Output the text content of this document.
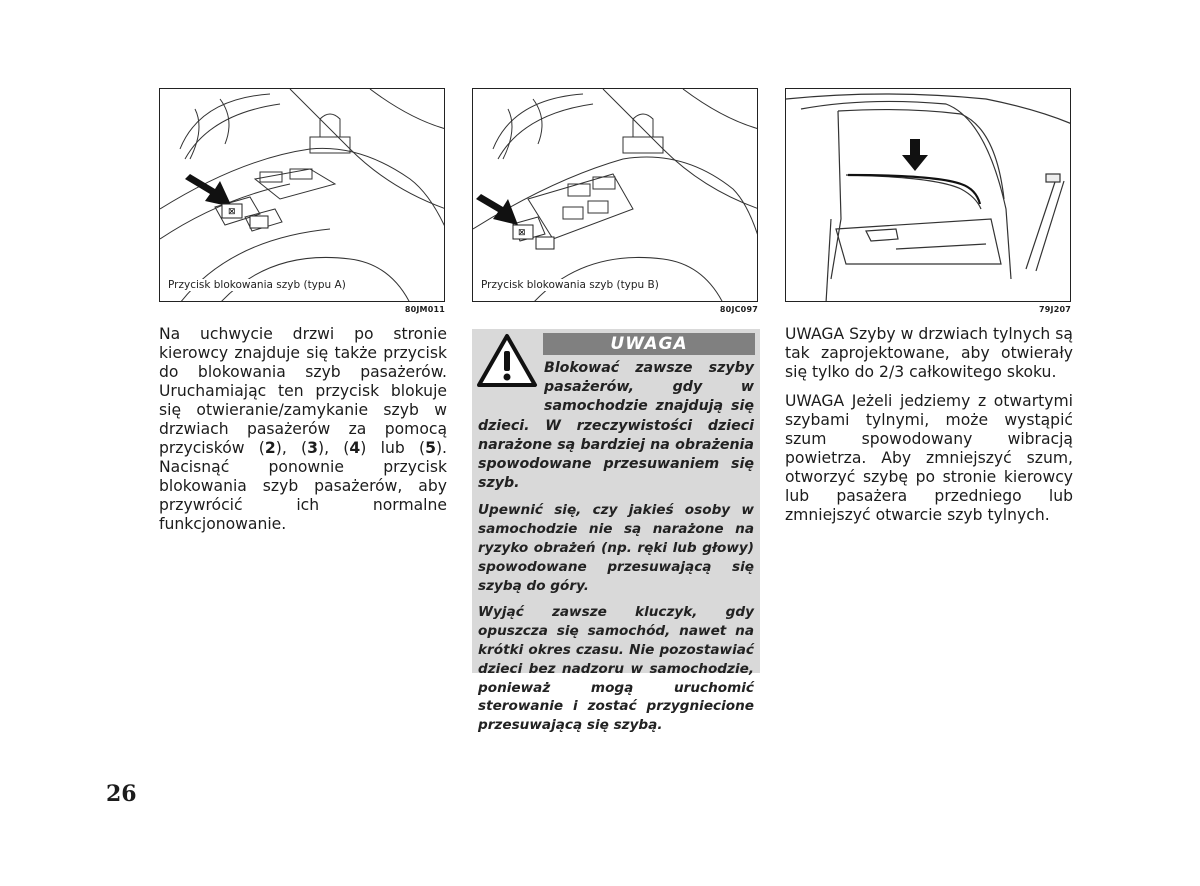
⊠
Przycisk blokowania szyb (typu A)
80JM011
⊠
Przycisk blokowania szyb (typu B)
80JC097	79J207

Na uchwycie drzwi po stronie kierowcy znajduje się także przycisk do blokowania szyb pasażerów. Uruchamiając ten przycisk blokuje się otwieranie/zamykanie szyb w drzwiach pasażerów za pomocą przycisków (2), (3), (4) lub (5). Nacisnąć ponownie przycisk blokowania szyb pasażerów, aby przywrócić ich normalne funkcjonowanie.

UWAGA

Blokować zawsze szyby pasażerów, gdy w samochodzie znajdują się dzieci. W rzeczywistości dzieci narażone są bardziej na obrażenia spowodowane przesuwaniem się szyb.

Upewnić się, czy jakieś osoby w samochodzie nie są narażone na ryzyko obrażeń (np. ręki lub głowy) spowodowane przesuwającą się szybą do góry.

Wyjąć zawsze kluczyk, gdy opuszcza się samochód, nawet na krótki okres czasu. Nie pozostawiać dzieci bez nadzoru w samochodzie, ponieważ mogą uruchomić sterowanie i zostać przygniecione przesuwającą się szybą.

UWAGA Szyby w drzwiach tylnych są tak zaprojektowane, aby otwierały się tylko do 2/3 całkowitego skoku.

UWAGA Jeżeli jedziemy z otwartymi szybami tylnymi, może wystąpić szum spowodowany wibracją powietrza. Aby zmniejszyć szum, otworzyć szybę po stronie kierowcy lub pasażera przedniego lub zmniejszyć otwarcie szyb tylnych.

26
